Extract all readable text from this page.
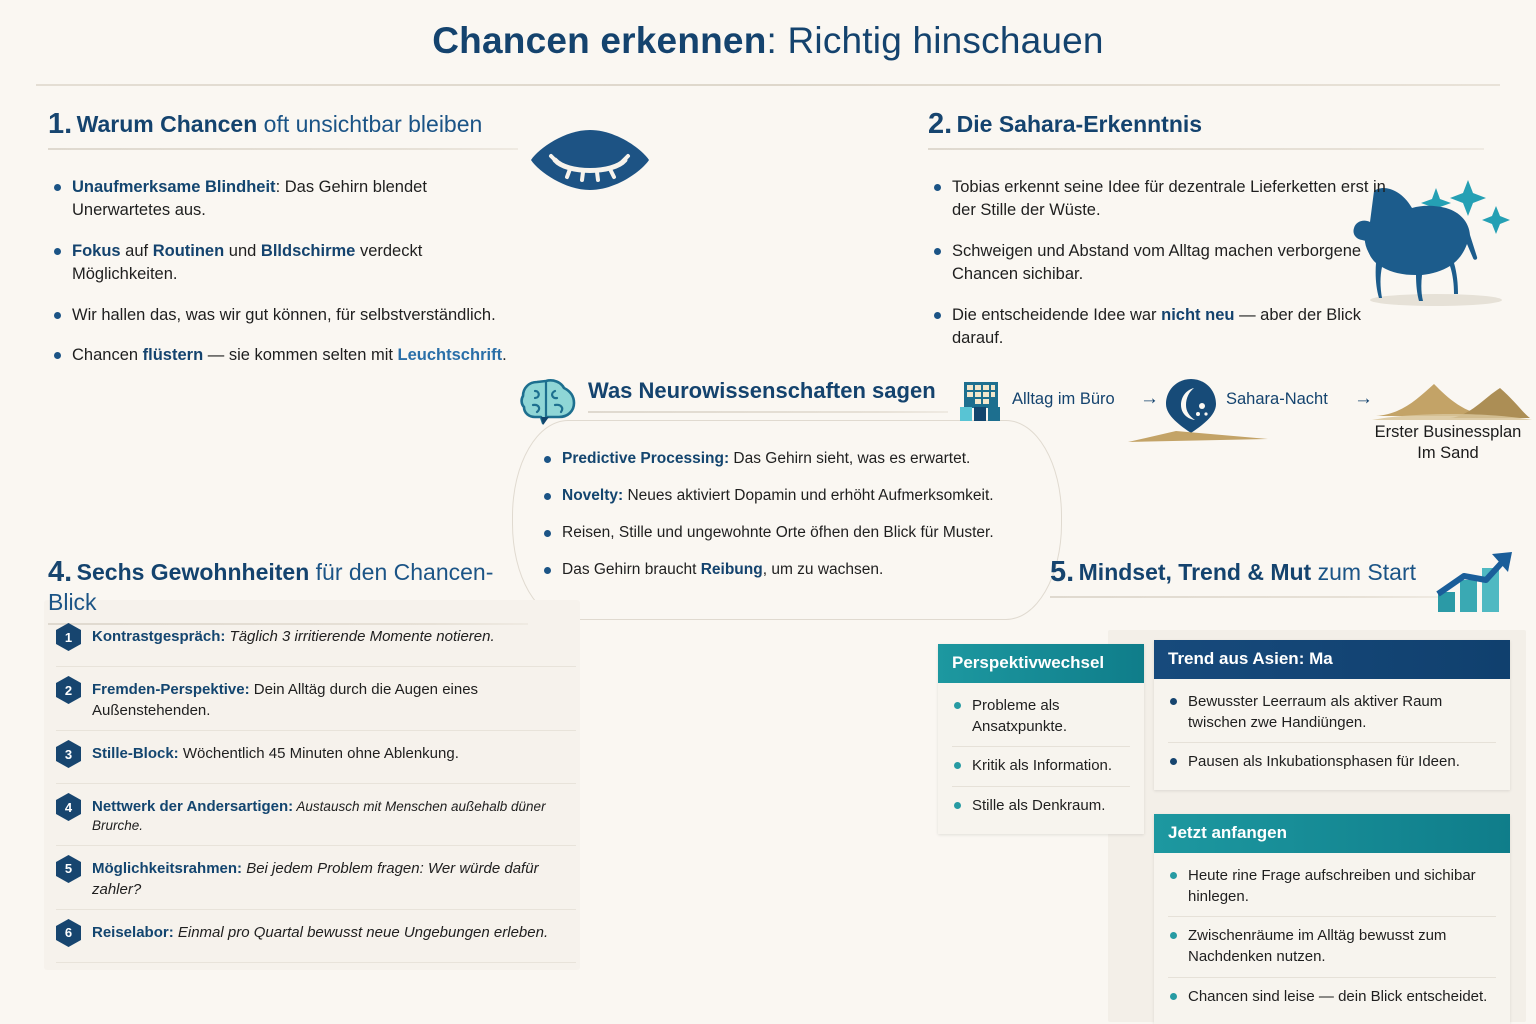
Chancen erkennen: Richtig hinschauen
1. Warum Chancen oft unsichtbar bleiben
Unaufmerksame Blindheit: Das Gehirn blendet Unerwartetes aus.
Fokus auf Routinen und Blldschirme verdeckt Möglichkeiten.
Wir hallen das, was wir gut können, für selbstverständlich.
Chancen flüstern — sie kommen selten mit Leuchtschrift.
2. Die Sahara-Erkenntnis
Tobias erkennt seine Idee für dezentrale Lieferketten erst in der Stille der Wüste.
Schweigen und Abstand vom Alltag machen verborgene Chancen sichibar.
Die entscheidende Idee war nicht neu — aber der Blick darauf.
Was Neurowissenschaften sagen
Predictive Processing: Das Gehirn sieht, was es erwartet.
Novelty: Neues aktiviert Dopamin und erhöht Aufmerksomkeit.
Reisen, Stille und ungewohnte Orte öfhen den Blick für Muster.
Das Gehirn braucht Reibung, um zu wachsen.
Alltag im Büro →	Sahara-Nacht →
Erster Businessplan
Im Sand
4. Sechs Gewohnheiten für den Chancen-Blick
1	Kontrastgespräch: Täglich 3 irritierende Momente notieren.
2	Fremden-Perspektive: Dein Alltäg durch die Augen eines Außenstehenden.
3	Stille-Block: Wöchentlich 45 Minuten ohne Ablenkung.
4	Nettwerk der Andersartigen: Austausch mit Menschen außehalb düner Brurche.
5	Möglichkeitsrahmen: Bei jedem Problem fragen: Wer würde dafür zahler?
6	Reiselabor: Einmal pro Quartal bewusst neue Ungebungen erleben.
5. Mindset, Trend & Mut zum Start
Perspektivwechsel
Probleme als Ansatxpunkte.
Kritik als Information.
Stille als Denkraum.
Trend aus Asien: Ma
Bewusster Leerraum als aktiver Raum twischen zwe Handiüngen.
Pausen als Inkubationsphasen für Ideen.
Jetzt anfangen
Heute rine Frage aufschreiben und sichibar hinlegen.
Zwischenräume im Alltäg bewusst zum Nachdenken nutzen.
Chancen sind leise — dein Blick entscheidet.
